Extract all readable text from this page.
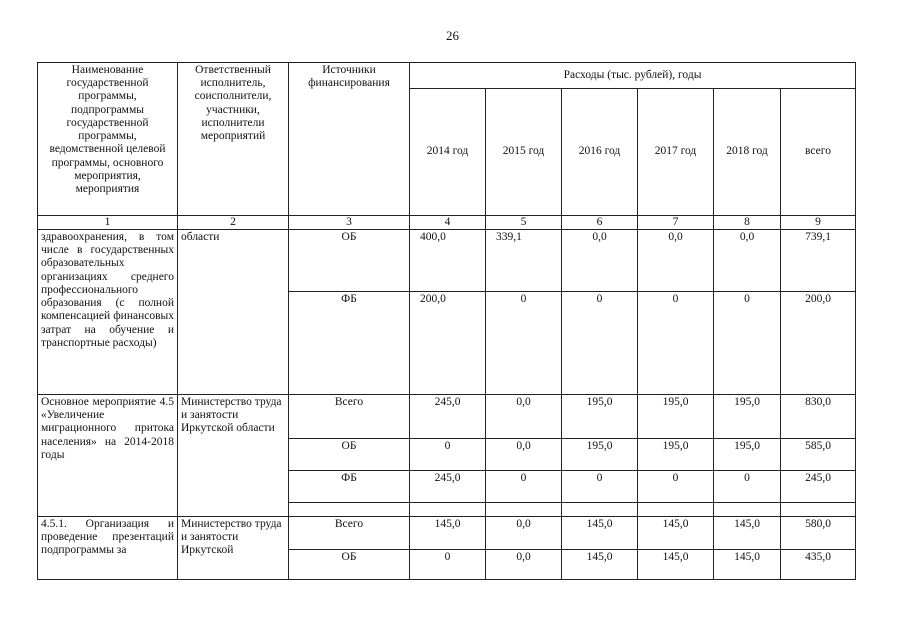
26
Наименование государственной программы, подпрограммы государственной программы, ведомственной целевой программы, основного мероприятия, мероприятия	Ответственный исполнитель, соисполнители, участники, исполнители мероприятий	Источники финансирования	Расходы (тыс. рублей), годы					
			2014 год	2015 год	2016 год	2017 год	2018 год	всего
1	2	3	4	5	6	7	8	9
здравоохранения, в том числе в государственных образовательных организациях среднего профессионального образования (с полной компенсацией финансовых затрат на обучение и транспортные расходы)	области	ОБ	400,0	339,1	0,0	0,0	0,0	739,1
		ФБ	200,0	0	0	0	0	200,0
Основное мероприятие 4.5 «Увеличение миграционного притока населения» на 2014-2018 годы	Министерство труда и занятости Иркутской области	Всего	245,0	0,0	195,0	195,0	195,0	830,0
		ОБ	0	0,0	195,0	195,0	195,0	585,0
		ФБ	245,0	0	0	0	0	245,0

4.5.1. Организация и проведение презентаций подпрограммы за	Министерство труда и занятости Иркутской	Всего	145,0	0,0	145,0	145,0	145,0	580,0
		ОБ	0	0,0	145,0	145,0	145,0	435,0
